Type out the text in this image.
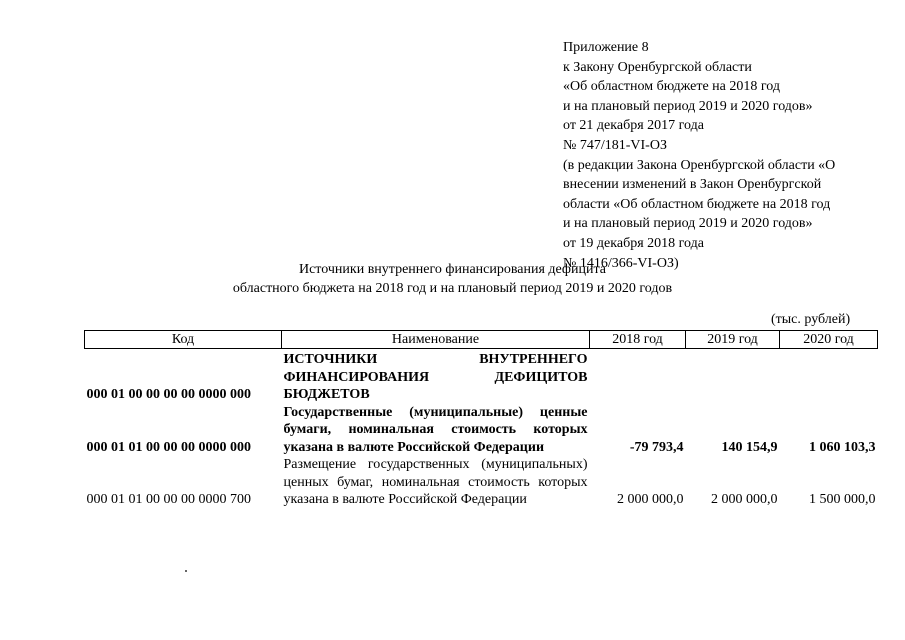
Приложение 8
к Закону Оренбургской области
«Об областном бюджете на 2018 год
и на плановый период 2019 и 2020 годов»
от 21 декабря 2017 года
№ 747/181-VI-ОЗ
(в редакции Закона Оренбургской области «О
внесении изменений в Закон Оренбургской
области «Об областном бюджете на 2018 год
и на плановый период 2019 и 2020 годов»
от 19 декабря 2018 года
№ 1416/366-VI-ОЗ)
Источники внутреннего финансирования дефицита
областного бюджета на 2018 год и на плановый период 2019 и 2020 годов
(тыс. рублей)
Код	Наименование	2018 год	2019 год	2020 год
000 01 00 00 00 00 0000 000	ИСТОЧНИКИ ВНУТРЕННЕГО ФИНАНСИРОВАНИЯ ДЕФИЦИТОВ БЮДЖЕТОВ			
000 01 01 00 00 00 0000 000	Государственные (муниципальные) ценные бумаги, номинальная стоимость которых указана в валюте Российской Федерации	-79 793,4	140 154,9	1 060 103,3
000 01 01 00 00 00 0000 700	Размещение государственных (муниципальных) ценных бумаг, номинальная стоимость которых указана в валюте Российской Федерации	2 000 000,0	2 000 000,0	1 500 000,0
